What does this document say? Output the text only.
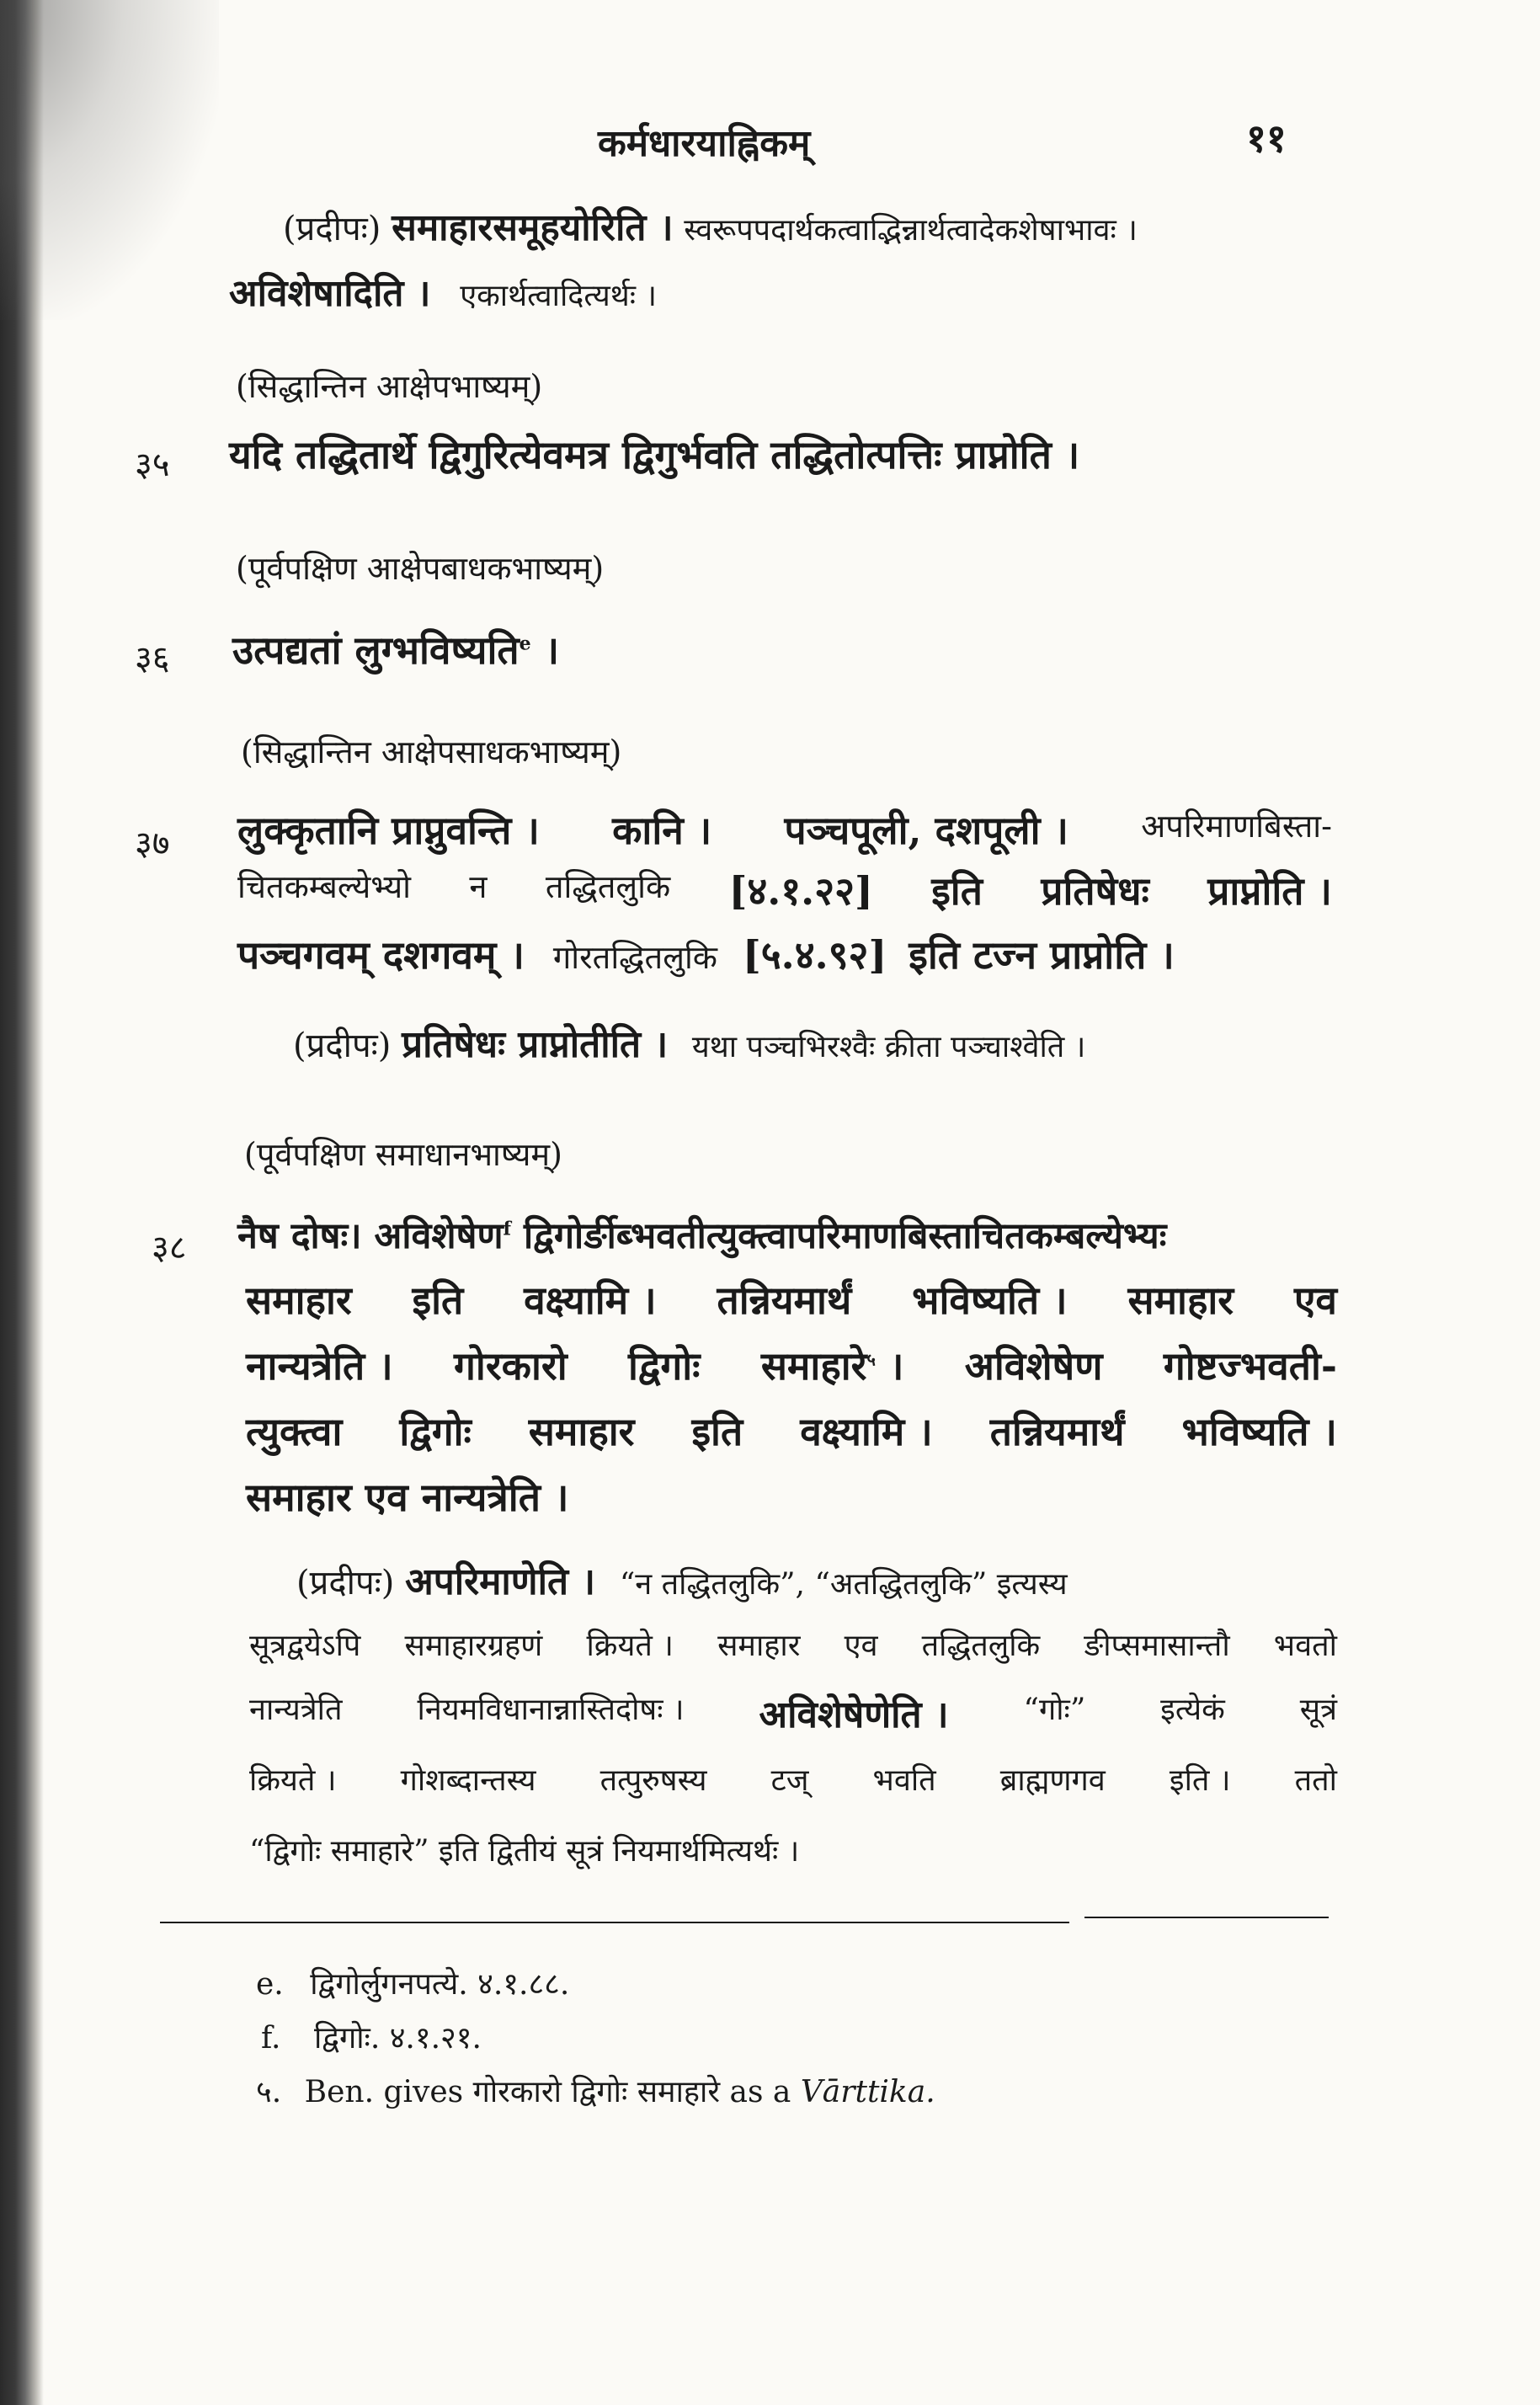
कर्मधारयाह्निकम्	११
(प्रदीपः) समाहारसमूहयोरिति । स्वरूपपदार्थकत्वाद्भिन्नार्थत्वादेकशेषाभावः ।
अविशेषादिति । एकार्थत्वादित्यर्थः ।
(सिद्धान्तिन आक्षेपभाष्यम्)
३५ यदि तद्धितार्थे द्विगुरित्येवमत्र द्विगुर्भवति तद्धितोत्पत्तिः प्राप्नोति ।
(पूर्वपक्षिण आक्षेपबाधकभाष्यम्)
३६ उत्पद्यतां लुग्भविष्यति$^e$ ।
(सिद्धान्तिन आक्षेपसाधकभाष्यम्)
३७ लुक्कृतानि प्राप्नुवन्ति । कानि । पञ्चपूली, दशपूली । अपरिमाणबिस्ता-
चितकम्बल्येभ्यो न तद्धितलुकि [४.१.२२] इति प्रतिषेधः प्राप्नोति ।
पञ्चगवम् दशगवम् । गोरतद्धितलुकि [५.४.९२] इति टज्न प्राप्नोति ।
(प्रदीपः) प्रतिषेधः प्राप्नोतीति । यथा पञ्चभिरश्वैः क्रीता पञ्चाश्वेति ।
(पूर्वपक्षिण समाधानभाष्यम्)
३८ नैष दोषः। अविशेषेण$^f$ द्विगोर्ङीब्भवतीत्युक्त्वापरिमाणबिस्ताचितकम्बल्येभ्यः
समाहार इति वक्ष्यामि । तन्नियमार्थं भविष्यति । समाहार एव
नान्यत्रेति । गोरकारो द्विगोः समाहारे$^५$ । अविशेषेण गोष्टज्भवती-
त्युक्त्वा द्विगोः समाहार इति वक्ष्यामि । तन्नियमार्थं भविष्यति ।
समाहार एव नान्यत्रेति ।
(प्रदीपः) अपरिमाणेति । “न तद्धितलुकि”, “अतद्धितलुकि” इत्यस्य
सूत्रद्वयेऽपि समाहारग्रहणं क्रियते । समाहार एव तद्धितलुकि ङीप्समासान्तौ भवतो
नान्यत्रेति नियमविधानान्नास्तिदोषः । अविशेषेणेति । “गोः” इत्येकं सूत्रं
क्रियते । गोशब्दान्तस्य तत्पुरुषस्य टज् भवति ब्राह्मणगव इति । ततो
“द्विगोः समाहारे” इति द्वितीयं सूत्रं नियमार्थमित्यर्थः ।
e. द्विगोर्लुगनपत्ये. ४.१.८८.
f. द्विगोः. ४.१.२१.
५. Ben. gives गोरकारो द्विगोः समाहारे as a Vārttika.
